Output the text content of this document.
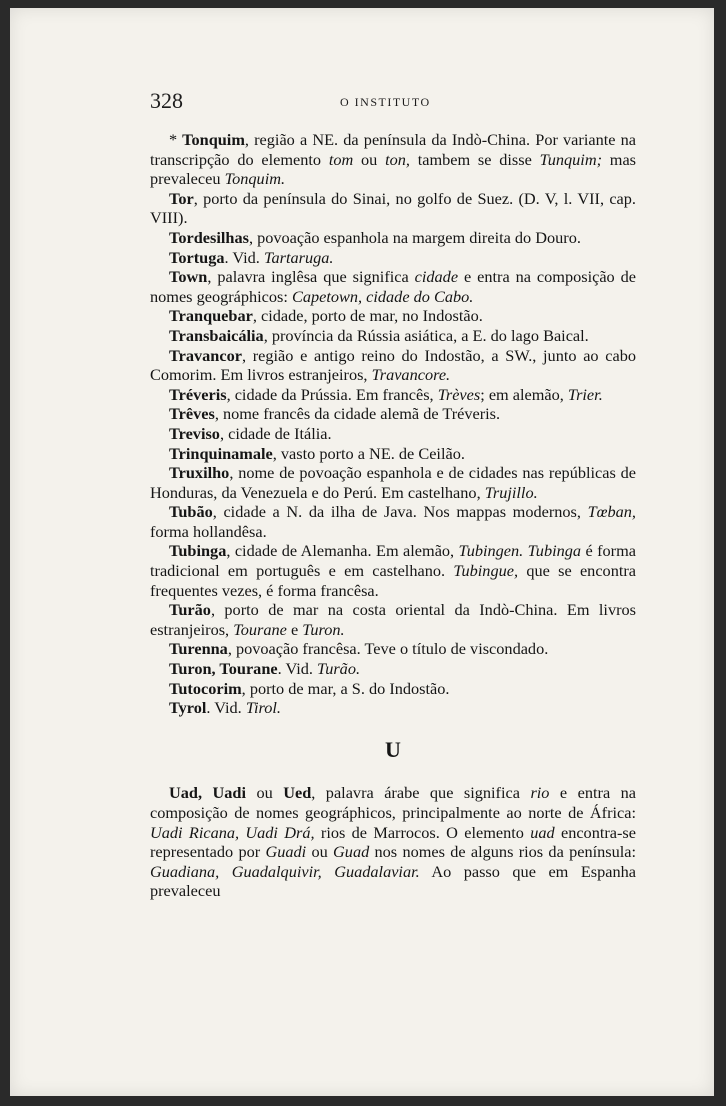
328	O INSTITUTO

* Tonquim, região a NE. da península da Indò-China. Por variante na transcripção do elemento tom ou ton, tambem se disse Tunquim; mas prevaleceu Tonquim.

Tor, porto da península do Sinai, no golfo de Suez. (D. V, l. VII, cap. VIII).

Tordesilhas, povoação espanhola na margem direita do Douro.

Tortuga. Vid. Tartaruga.

Town, palavra inglêsa que significa cidade e entra na composição de nomes geográphicos: Capetown, cidade do Cabo.

Tranquebar, cidade, porto de mar, no Indostão.

Transbaicália, província da Rússia asiática, a E. do lago Baical.

Travancor, região e antigo reino do Indostão, a SW., junto ao cabo Comorim. Em livros estranjeiros, Travancore.

Tréveris, cidade da Prússia. Em francês, Trèves; em alemão, Trier.

Trêves, nome francês da cidade alemã de Tréveris.

Treviso, cidade de Itália.

Trinquinamale, vasto porto a NE. de Ceilão.

Truxilho, nome de povoação espanhola e de cidades nas repúblicas de Honduras, da Venezuela e do Perú. Em castelhano, Trujillo.

Tubão, cidade a N. da ilha de Java. Nos mappas modernos, Tœban, forma hollandêsa.

Tubinga, cidade de Alemanha. Em alemão, Tubingen. Tubinga é forma tradicional em português e em castelhano. Tubingue, que se encontra frequentes vezes, é forma francêsa.

Turão, porto de mar na costa oriental da Indò-China. Em livros estranjeiros, Tourane e Turon.

Turenna, povoação francêsa. Teve o título de viscondado.

Turon, Tourane. Vid. Turão.

Tutocorim, porto de mar, a S. do Indostão.

Tyrol. Vid. Tirol.

U

Uad, Uadi ou Ued, palavra árabe que significa rio e entra na composição de nomes geográphicos, principalmente ao norte de África: Uadi Ricana, Uadi Drá, rios de Marrocos. O elemento uad encontra-se representado por Guadi ou Guad nos nomes de alguns rios da península: Guadiana, Guadalquivir, Guadalaviar. Ao passo que em Espanha prevaleceu
